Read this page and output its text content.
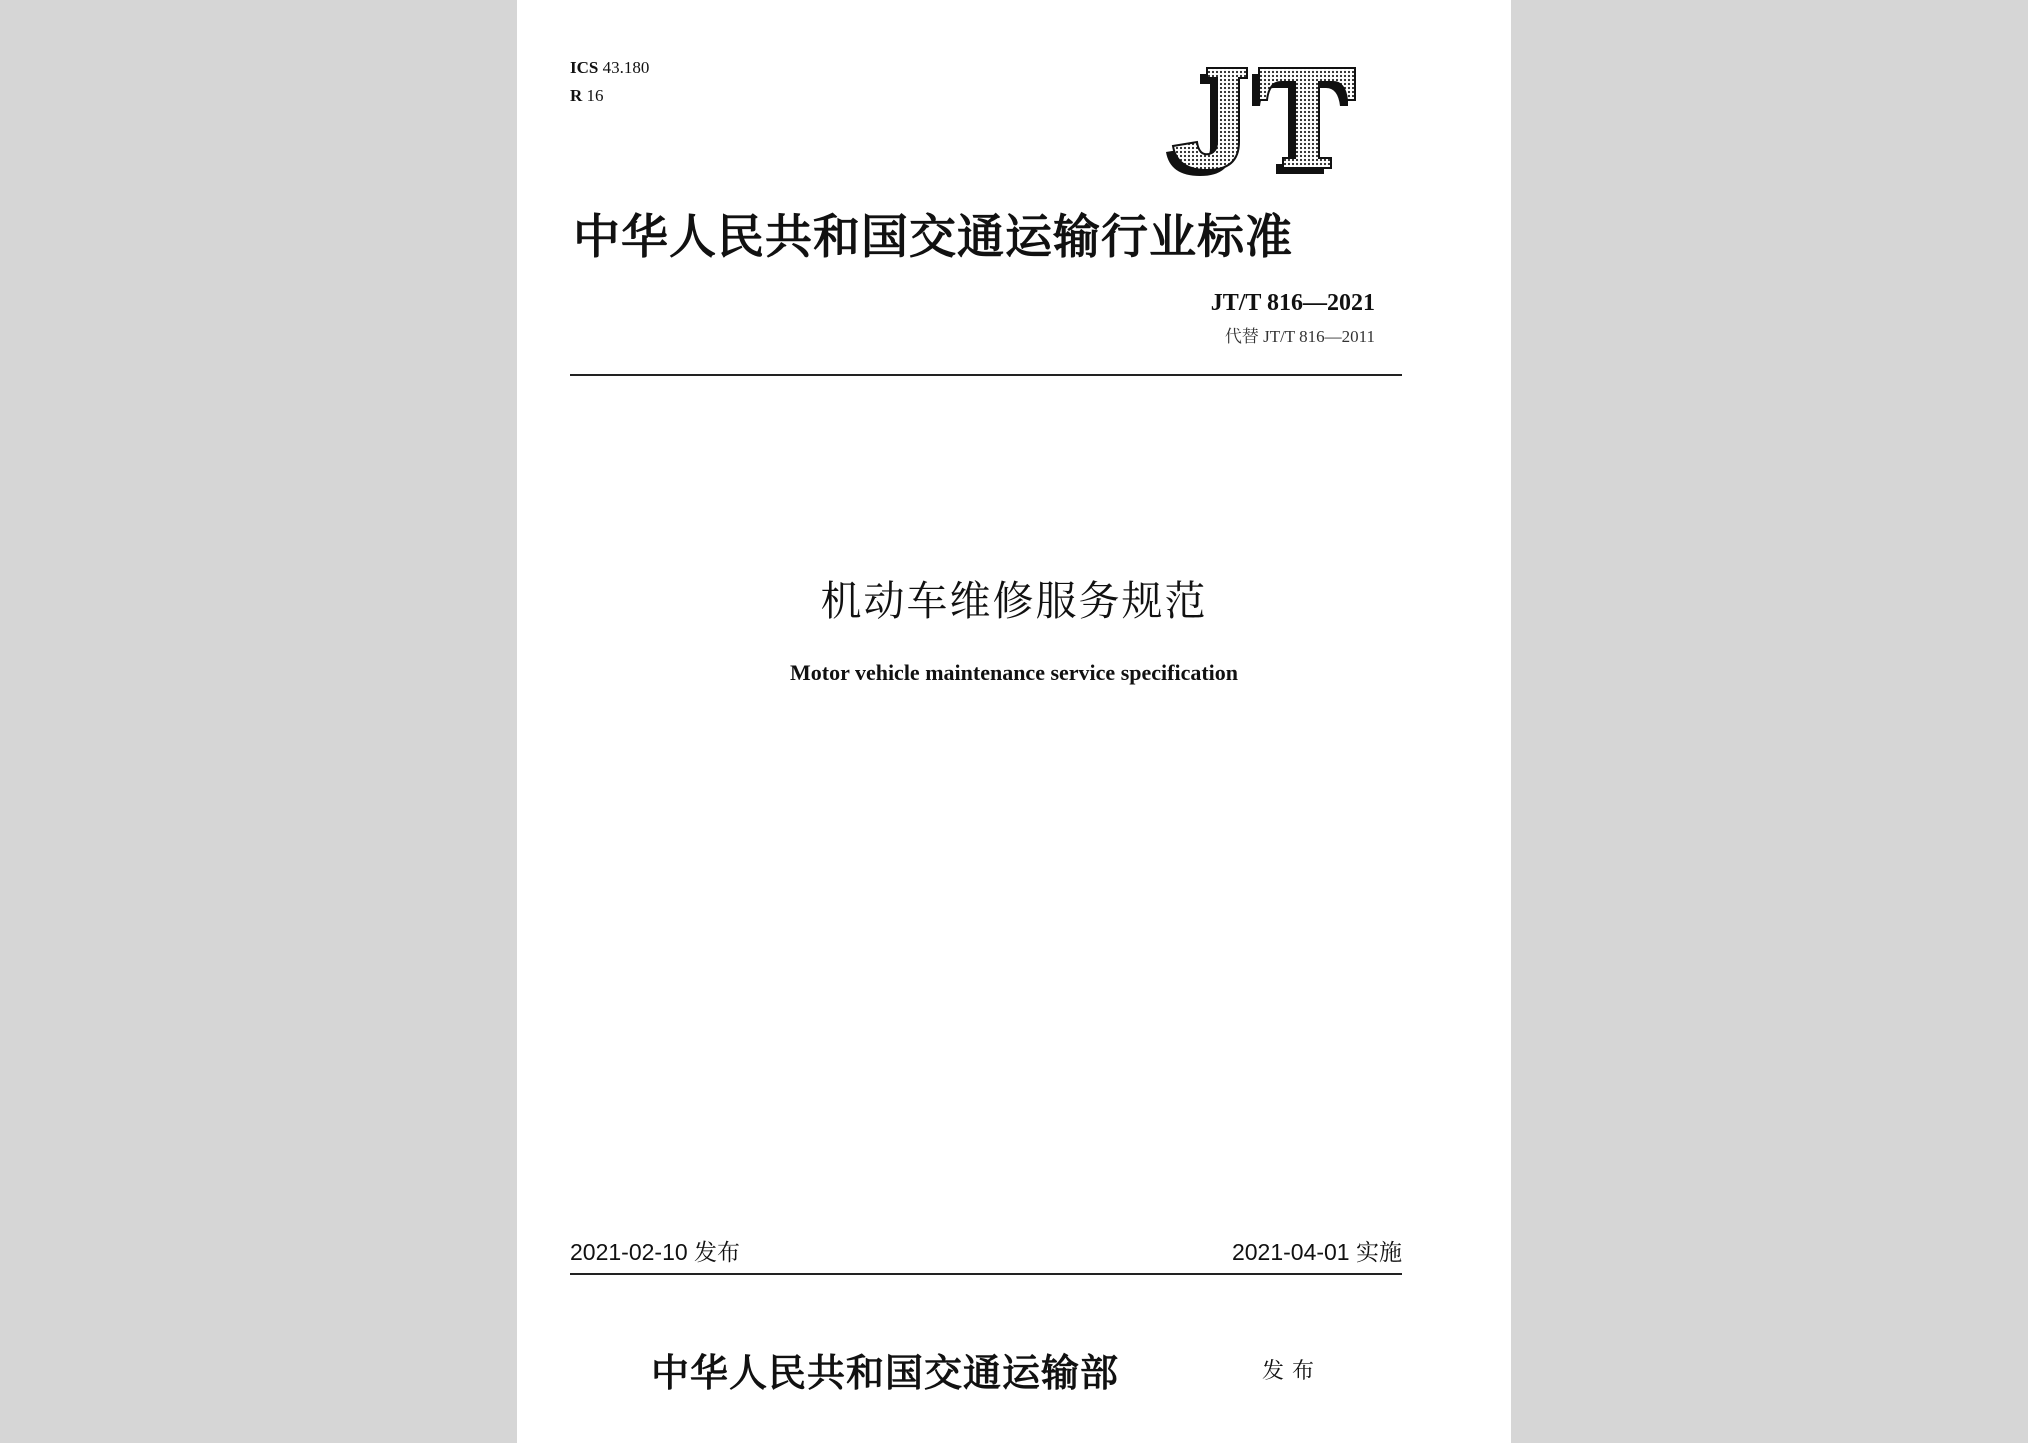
ICS 43.180
R 16
中华人民共和国交通运输行业标准
JT/T 816—2021
代替 JT/T 816—2011
机动车维修服务规范
Motor vehicle maintenance service specification
2021-02-10 发布	2021-04-01 实施
中华人民共和国交通运输部	发布
